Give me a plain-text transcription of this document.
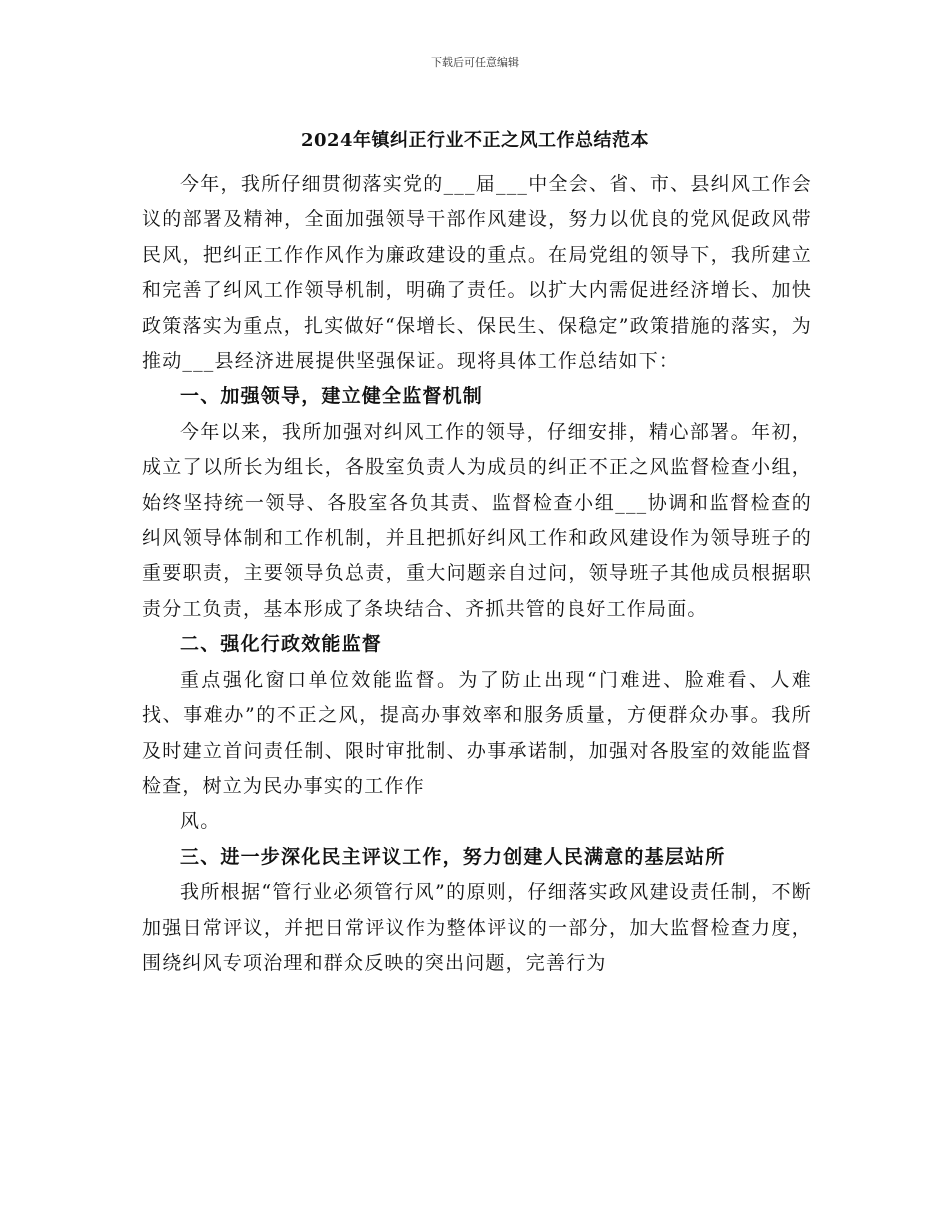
下载后可任意编辑
2024年镇纠正行业不正之风工作总结范本

今年，我所仔细贯彻落实党的___届___中全会、省、市、县纠风工作会议的部署及精神，全面加强领导干部作风建设，努力以优良的党风促政风带民风，把纠正工作作风作为廉政建设的重点。在局党组的领导下，我所建立和完善了纠风工作领导机制，明确了责任。以扩大内需促进经济增长、加快政策落实为重点，扎实做好“保增长、保民生、保稳定”政策措施的落实，为推动___县经济进展提供坚强保证。现将具体工作总结如下：

一、加强领导，建立健全监督机制

今年以来，我所加强对纠风工作的领导，仔细安排，精心部署。年初，成立了以所长为组长，各股室负责人为成员的纠正不正之风监督检查小组，始终坚持统一领导、各股室各负其责、监督检查小组___协调和监督检查的纠风领导体制和工作机制，并且把抓好纠风工作和政风建设作为领导班子的重要职责，主要领导负总责，重大问题亲自过问，领导班子其他成员根据职责分工负责，基本形成了条块结合、齐抓共管的良好工作局面。

二、强化行政效能监督

重点强化窗口单位效能监督。为了防止出现“门难进、脸难看、人难找、事难办”的不正之风，提高办事效率和服务质量，方便群众办事。我所及时建立首问责任制、限时审批制、办事承诺制，加强对各股室的效能监督检查，树立为民办事实的工作作

风。

三、进一步深化民主评议工作，努力创建人民满意的基层站所

我所根据“管行业必须管行风”的原则，仔细落实政风建设责任制，不断加强日常评议，并把日常评议作为整体评议的一部分，加大监督检查力度，围绕纠风专项治理和群众反映的突出问题，完善行为
